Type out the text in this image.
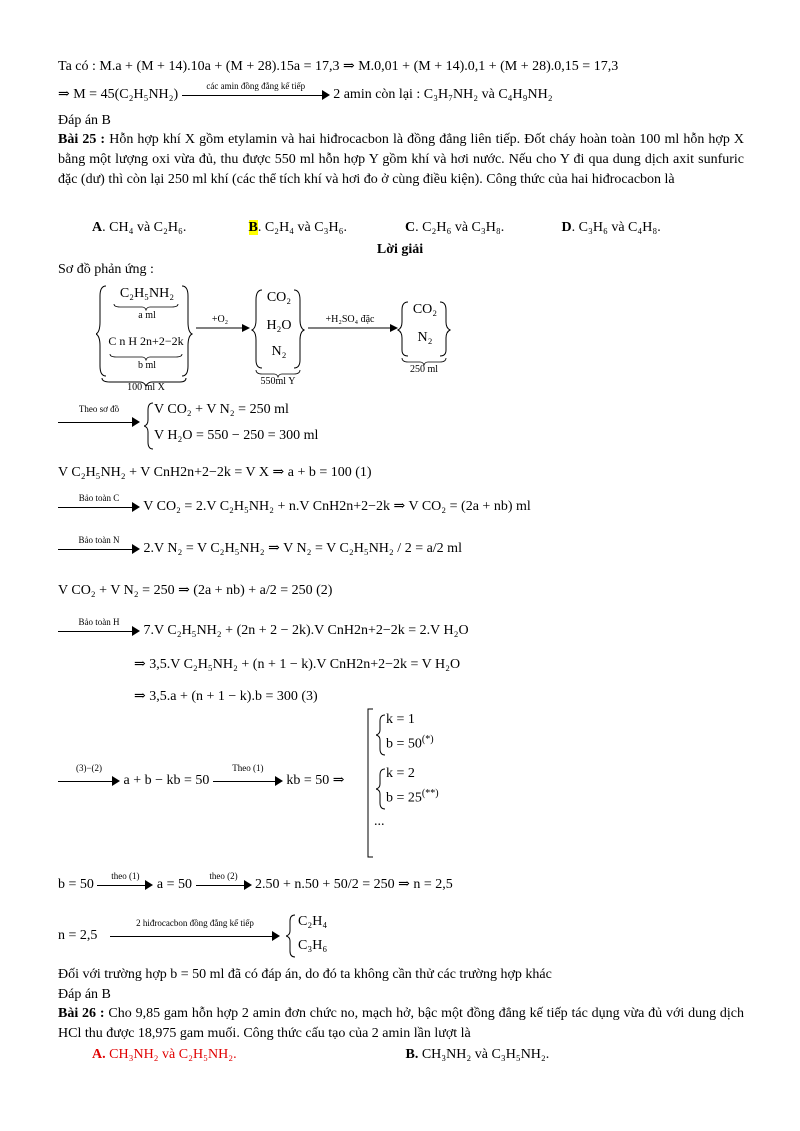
Ta có : M.a + (M + 14).10a + (M + 28).15a = 17,3 ⇒ M.0,01 + (M + 14).0,1 + (M + 28).0,15 = 17,3
⇒ M = 45(C₂H₅NH₂)
các amin đồng đẳng kế tiếp
2 amin còn lại : C₃H₇NH₂ và C₄H₉NH₂
Đáp án B
Bài 25 : Hỗn hợp khí X gồm etylamin và hai hiđrocacbon là đồng đẳng liên tiếp. Đốt cháy hoàn toàn 100 ml hỗn hợp X bằng một lượng oxi vừa đủ, thu được 550 ml hỗn hợp Y gồm khí và hơi nước. Nếu cho Y đi qua dung dịch axit sunfuric đặc (dư) thì còn lại 250 ml khí (các thể tích khí và hơi đo ở cùng điều kiện). Công thức của hai hiđrocacbon là
A. CH₄ và C₂H₆.	B. C₂H₄ và C₃H₆.	C. C₂H₆ và C₃H₈.	D. C₃H₆ và C₄H₈.
Lời giải
Sơ đồ phản ứng :
C₂H₅NH₂
a ml
C n H 2n+2−2k
b ml
100 ml X
+O₂
CO₂
H₂O
N₂
550ml Y
+H₂SO₄ đặc
CO₂
N₂
250 ml
Theo sơ đồ	V CO₂ + V N₂ = 250 ml
V H₂O = 550 − 250 = 300 ml
V C₂H₅NH₂ + V CnH2n+2−2k = V X ⇒ a + b = 100 (1)
Bảo toàn C
V CO₂ = 2.V C₂H₅NH₂ + n.V CnH2n+2−2k ⇒ V CO₂ = (2a + nb) ml
Bảo toàn N
2.V N₂ = V C₂H₅NH₂ ⇒ V N₂ = V C₂H₅NH₂ / 2 = a/2 ml
V CO₂ + V N₂ = 250 ⇒ (2a + nb) + a/2 = 250 (2)
Bảo toàn H
7.V C₂H₅NH₂ + (2n + 2 − 2k).V CnH2n+2−2k = 2.V H₂O
⇒ 3,5.V C₂H₅NH₂ + (n + 1 − k).V CnH2n+2−2k = V H₂O
⇒ 3,5.a + (n + 1 − k).b = 300 (3)
(3)−(2)
a + b − kb = 50
Theo (1)
kb = 50 ⇒
k = 1
b = 50(*)
k = 2
b = 25(**)
...
b = 50
theo (1)
a = 50
theo (2)
2.50 + n.50 + 50/2 = 250 ⇒ n = 2,5
n = 2,5
2 hiđrocacbon đồng đẳng kế tiếp	C₂H₄
C₃H₆
Đối với trường hợp b = 50 ml đã có đáp án, do đó ta không cần thử các trường hợp khác
Đáp án B
Bài 26 : Cho 9,85 gam hỗn hợp 2 amin đơn chức no, mạch hở, bậc một đồng đẳng kế tiếp tác dụng vừa đủ với dung dịch HCl thu được 18,975 gam muối. Công thức cấu tạo của 2 amin lần lượt là
A. CH₃NH₂ và C₂H₅NH₂.	B. CH₃NH₂ và C₃H₅NH₂.
